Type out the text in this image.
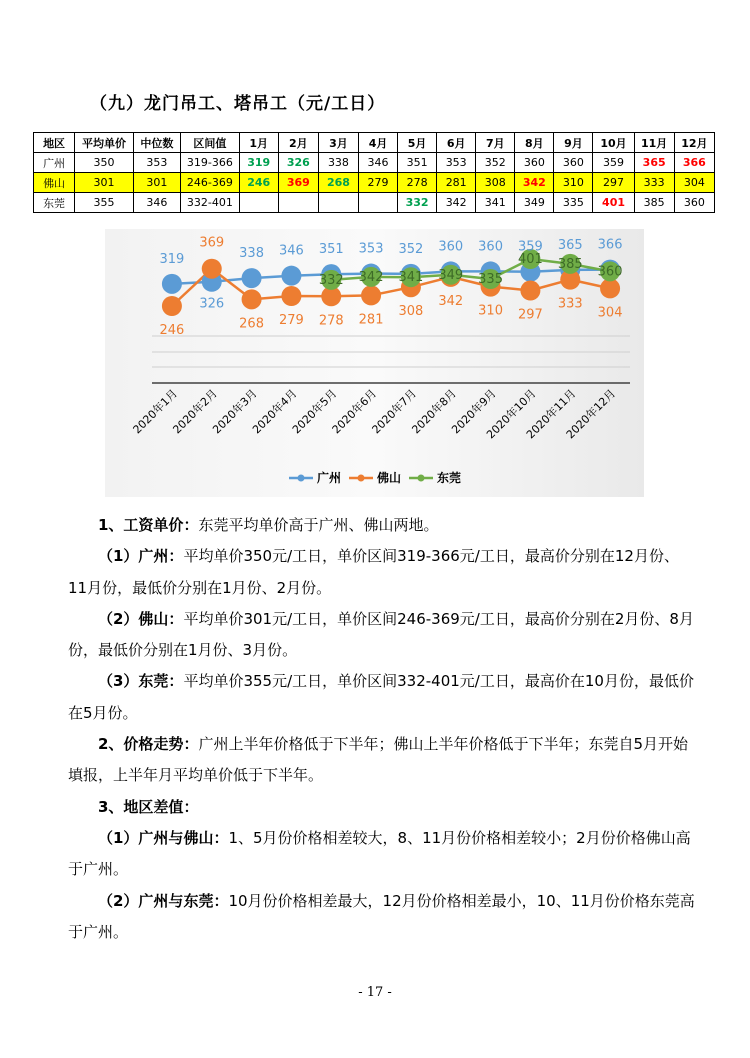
（九）龙门吊工、塔吊工（元/工日）
地区	平均单价	中位数	区间值	1月	2月	3月	4月	5月	6月	7月	8月	9月	10月	11月	12月
广州	350	353	319-366	319	326	338	346	351	353	352	360	360	359	365	366
佛山	301	301	246-369	246	369	268	279	278	281	308	342	310	297	333	304
东莞	355	346	332-401					332	342	341	349	335	401	385	360
319
326
338 346 351 353 352 360 360 359 365 366
246
369
268 279 278 281
308
342
310 297
333
304
332 342 341 349 335
401 385
360
2020年1月
2020年2月
2020年3月
2020年4月
2020年5月
2020年6月
2020年7月
2020年8月
2020年9月
2020年10月
2020年11月
2020年12月
广州	佛山	东莞

1、工资单价：东莞平均单价高于广州、佛山两地。

（1）广州：平均单价350元/工日，单价区间319-366元/工日，最高价分别在12月份、11月份，最低价分别在1月份、2月份。

（2）佛山：平均单价301元/工日，单价区间246-369元/工日，最高价分别在2月份、8月份，最低价分别在1月份、3月份。

（3）东莞：平均单价355元/工日，单价区间332-401元/工日，最高价在10月份，最低价在5月份。

2、价格走势：广州上半年价格低于下半年；佛山上半年价格低于下半年；东莞自5月开始填报，上半年月平均单价低于下半年。

3、地区差值：

（1）广州与佛山：1、5月份价格相差较大，8、11月份价格相差较小；2月份价格佛山高于广州。

（2）广州与东莞：10月份价格相差最大，12月份价格相差最小，10、11月份价格东莞高于广州。

- 17 -
